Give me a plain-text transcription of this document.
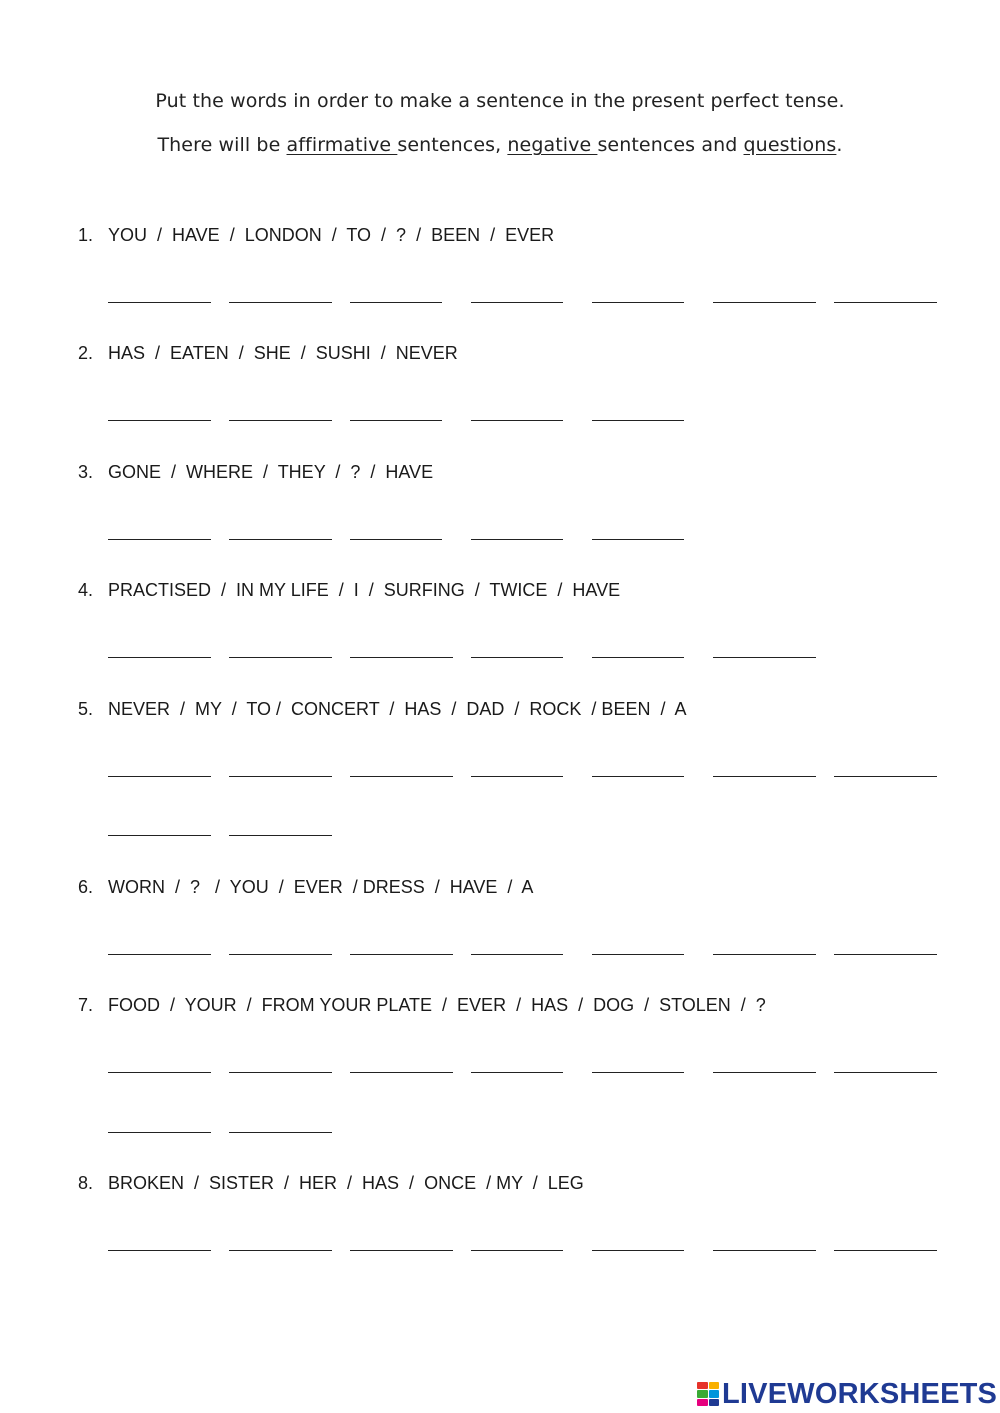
Put the words in order to make a sentence in the present perfect tense.
There will be affirmative sentences, negative sentences and questions.
1. YOU  /  HAVE  /  LONDON  /  TO  /  ?  /  BEEN  /  EVER
2. HAS  /  EATEN  /  SHE  /  SUSHI  /  NEVER
3. GONE  /  WHERE  /  THEY  /  ?  /  HAVE
4. PRACTISED  /  IN MY LIFE  /  I  /  SURFING  /  TWICE  /  HAVE
5. NEVER  /  MY  /  TO /  CONCERT  /  HAS  /  DAD  /  ROCK  / BEEN  /  A
6. WORN  /  ?   /  YOU  /  EVER  / DRESS  /  HAVE  /  A
7. FOOD  /  YOUR  /  FROM YOUR PLATE  /  EVER  /  HAS  /  DOG  /  STOLEN  /  ?
8. BROKEN  /  SISTER  /  HER  /  HAS  /  ONCE  / MY  /  LEG
LIVEWORKSHEETS
